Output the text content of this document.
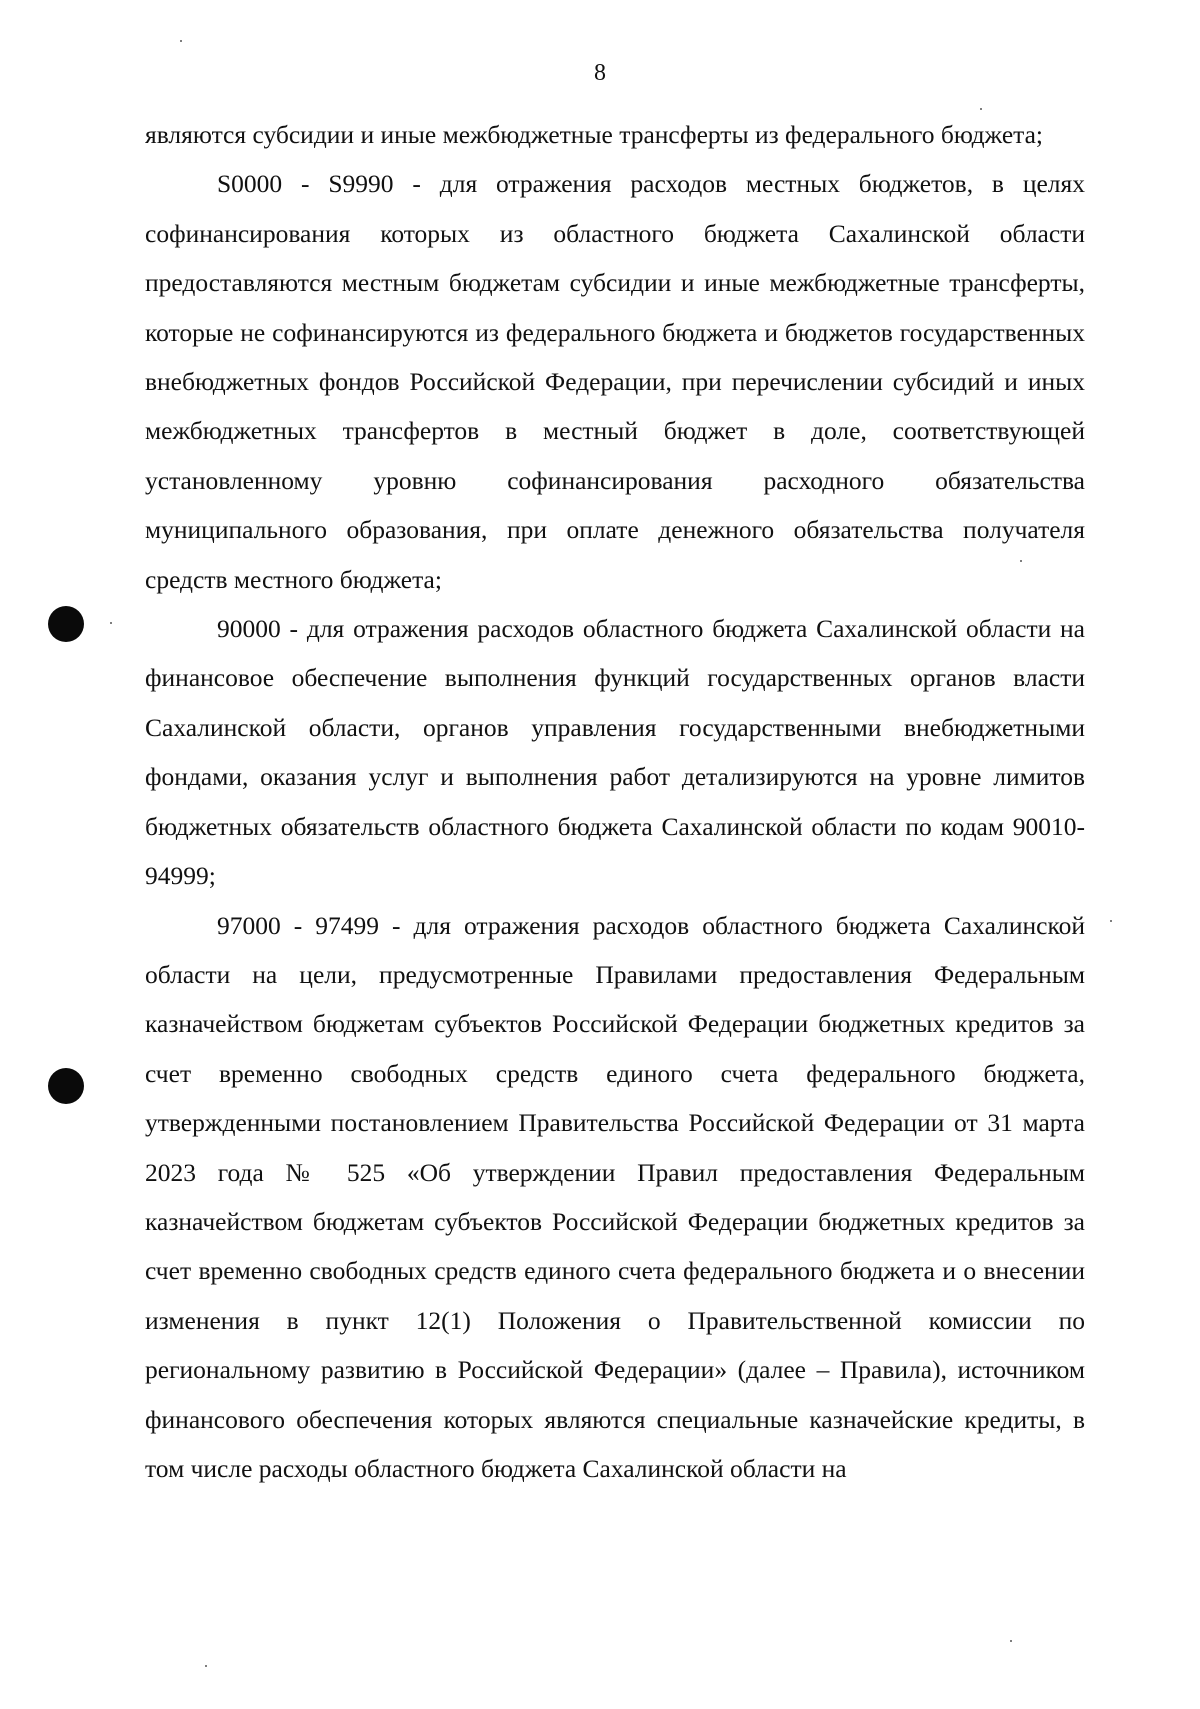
8

являются субсидии и иные межбюджетные трансферты из федерального бюджета;

S0000 - S9990 - для отражения расходов местных бюджетов, в целях софинансирования которых из областного бюджета Сахалинской области предоставляются местным бюджетам субсидии и иные межбюджетные трансферты, которые не софинансируются из федерального бюджета и бюджетов государственных внебюджетных фондов Российской Федерации, при перечислении субсидий и иных межбюджетных трансфертов в местный бюджет в доле, соответствующей установленному уровню софинансирования расходного обязательства муниципального образования, при оплате денежного обязательства получателя средств местного бюджета;

90000 - для отражения расходов областного бюджета Сахалинской области на финансовое обеспечение выполнения функций государственных органов власти Сахалинской области, органов управления государственными внебюджетными фондами, оказания услуг и выполнения работ детализируются на уровне лимитов бюджетных обязательств областного бюджета Сахалинской области по кодам 90010-94999;

97000 - 97499 - для отражения расходов областного бюджета Сахалинской области на цели, предусмотренные Правилами предоставления Федеральным казначейством бюджетам субъектов Российской Федерации бюджетных кредитов за счет временно свободных средств единого счета федерального бюджета, утвержденными постановлением Правительства Российской Федерации от 31 марта 2023 года № 525 «Об утверждении Правил предоставления Федеральным казначейством бюджетам субъектов Российской Федерации бюджетных кредитов за счет временно свободных средств единого счета федерального бюджета и о внесении изменения в пункт 12(1) Положения о Правительственной комиссии по региональному развитию в Российской Федерации» (далее – Правила), источником финансового обеспечения которых являются специальные казначейские кредиты, в том числе расходы областного бюджета Сахалинской области на
